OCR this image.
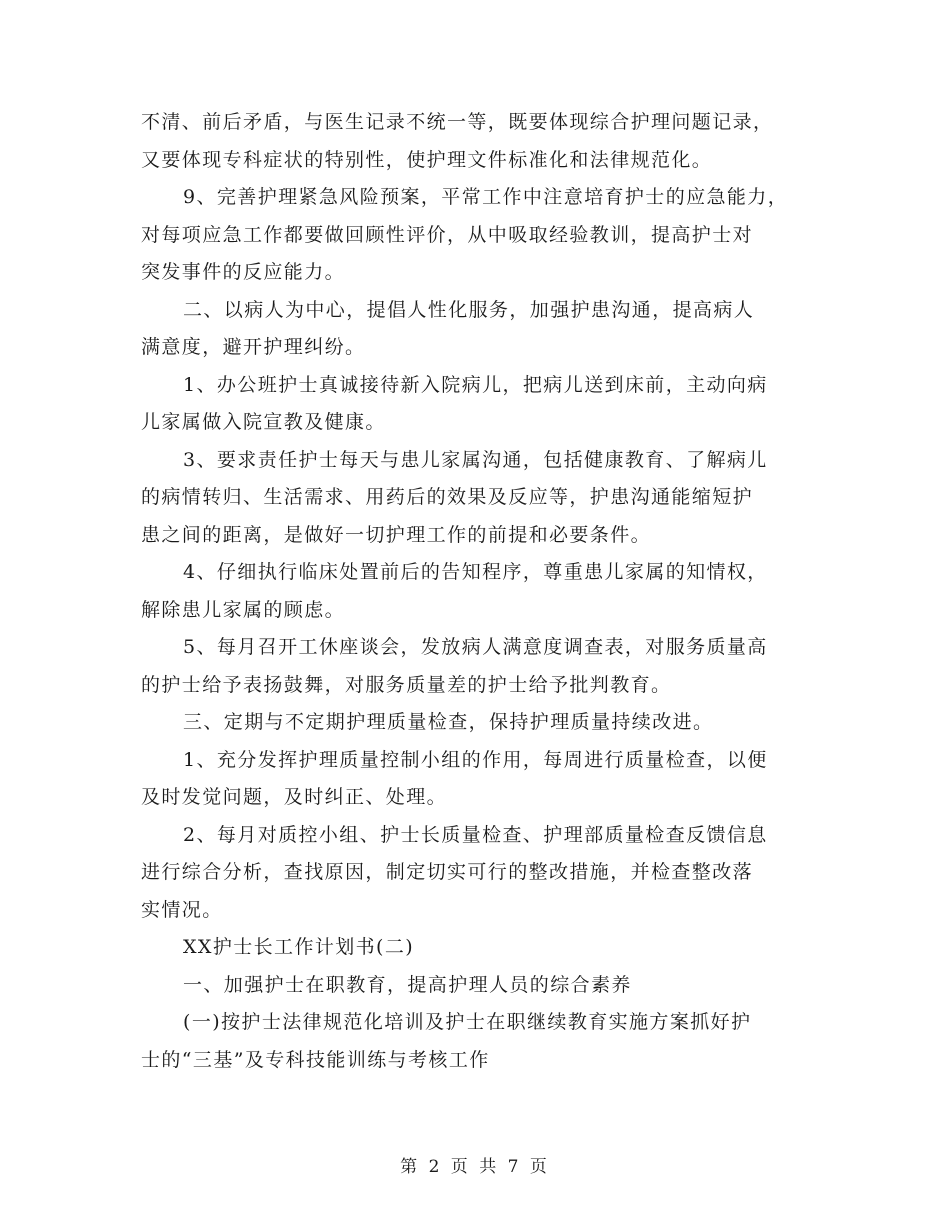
不清、前后矛盾，与医生记录不统一等，既要体现综合护理问题记录，
又要体现专科症状的特别性，使护理文件标准化和法律规范化。
9、完善护理紧急风险预案，平常工作中注意培育护士的应急能力，
对每项应急工作都要做回顾性评价，从中吸取经验教训，提高护士对
突发事件的反应能力。
二、以病人为中心，提倡人性化服务，加强护患沟通，提高病人
满意度，避开护理纠纷。
1、办公班护士真诚接待新入院病儿，把病儿送到床前，主动向病
儿家属做入院宣教及健康。
3、要求责任护士每天与患儿家属沟通，包括健康教育、了解病儿
的病情转归、生活需求、用药后的效果及反应等，护患沟通能缩短护
患之间的距离，是做好一切护理工作的前提和必要条件。
4、仔细执行临床处置前后的告知程序，尊重患儿家属的知情权，
解除患儿家属的顾虑。
5、每月召开工休座谈会，发放病人满意度调查表，对服务质量高
的护士给予表扬鼓舞，对服务质量差的护士给予批判教育。
三、定期与不定期护理质量检查，保持护理质量持续改进。
1、充分发挥护理质量控制小组的作用，每周进行质量检查，以便
及时发觉问题，及时纠正、处理。
2、每月对质控小组、护士长质量检查、护理部质量检查反馈信息
进行综合分析，查找原因，制定切实可行的整改措施，并检查整改落
实情况。
XX护士长工作计划书(二)
一、加强护士在职教育，提高护理人员的综合素养
(一)按护士法律规范化培训及护士在职继续教育实施方案抓好护
士的“三基”及专科技能训练与考核工作
第 2 页 共 7 页
